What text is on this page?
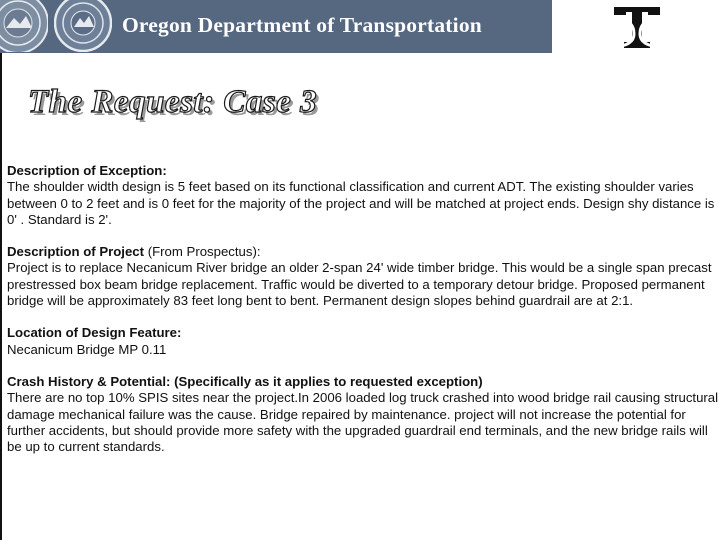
Oregon Department of Transportation
The Request: Case 3
Description of Exception:

The shoulder width design is 5 feet based on its functional classification and current ADT. The existing shoulder varies between 0 to 2 feet and is 0 feet for the majority of the project and will be matched at project ends. Design shy distance is 0' . Standard is 2'.

Description of Project (From Prospectus):

Project is to replace Necanicum River bridge an older 2-span 24' wide timber bridge. This would be a single span precast prestressed box beam bridge replacement. Traffic would be diverted to a temporary detour bridge. Proposed permanent bridge will be approximately 83 feet long bent to bent. Permanent design slopes behind guardrail are at 2:1.

Location of Design Feature:

Necanicum Bridge MP 0.11

Crash History & Potential: (Specifically as it applies to requested exception)

There are no top 10% SPIS sites near the project.In 2006 loaded log truck crashed into wood bridge rail causing structural damage mechanical failure was the cause. Bridge repaired by maintenance. project will not increase the potential for further accidents, but should provide more safety with the upgraded guardrail end terminals, and the new bridge rails will be up to current standards.
